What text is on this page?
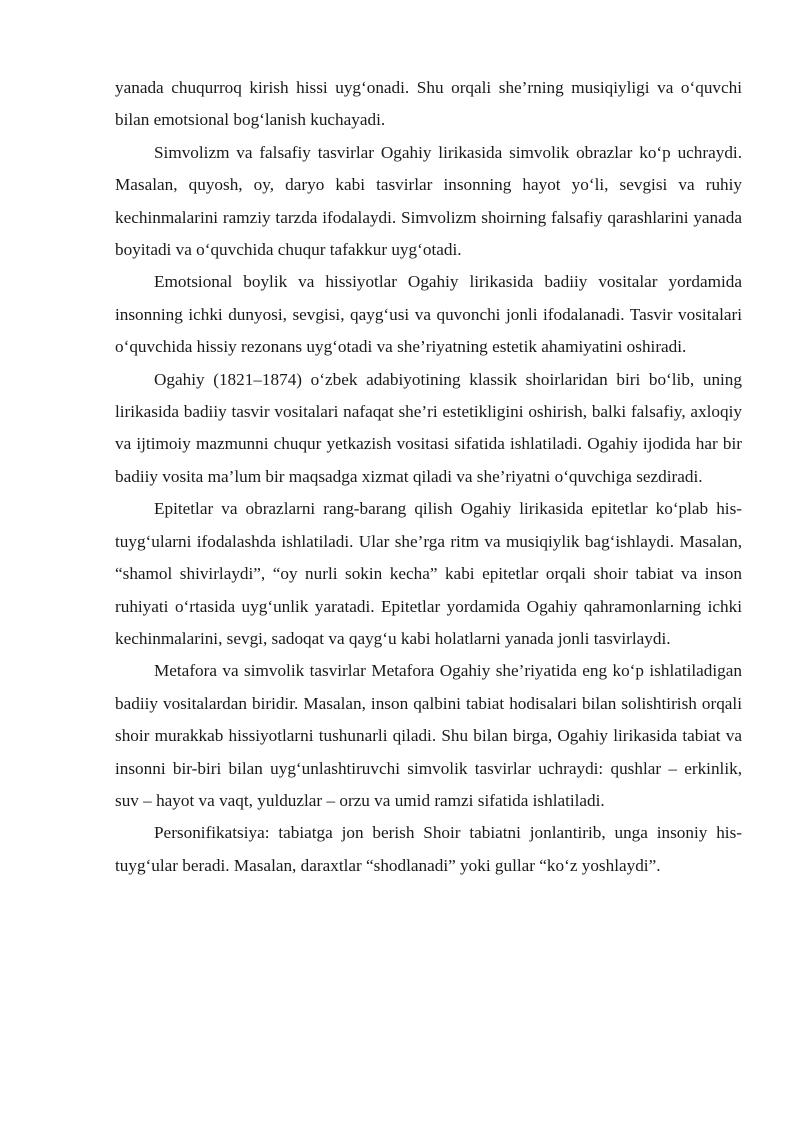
yanada chuqurroq kirish hissi uyg‘onadi. Shu orqali she’rning musiqiyligi va o‘quvchi bilan emotsional bog‘lanish kuchayadi.

Simvolizm va falsafiy tasvirlar Ogahiy lirikasida simvolik obrazlar ko‘p uchraydi. Masalan, quyosh, oy, daryo kabi tasvirlar insonning hayot yo‘li, sevgisi va ruhiy kechinmalarini ramziy tarzda ifodalaydi. Simvolizm shoirning falsafiy qarashlarini yanada boyitadi va o‘quvchida chuqur tafakkur uyg‘otadi.

Emotsional boylik va hissiyotlar Ogahiy lirikasida badiiy vositalar yordamida insonning ichki dunyosi, sevgisi, qayg‘usi va quvonchi jonli ifodalanadi. Tasvir vositalari o‘quvchida hissiy rezonans uyg‘otadi va she’riyatning estetik ahamiyatini oshiradi.

Ogahiy (1821–1874) o‘zbek adabiyotining klassik shoirlaridan biri bo‘lib, uning lirikasida badiiy tasvir vositalari nafaqat she’ri estetikligini oshirish, balki falsafiy, axloqiy va ijtimoiy mazmunni chuqur yetkazish vositasi sifatida ishlatiladi. Ogahiy ijodida har bir badiiy vosita ma’lum bir maqsadga xizmat qiladi va she’riyatni o‘quvchiga sezdiradi.

Epitetlar va obrazlarni rang-barang qilish Ogahiy lirikasida epitetlar ko‘plab his-tuyg‘ularni ifodalashda ishlatiladi. Ular she’rga ritm va musiqiylik bag‘ishlaydi. Masalan, “shamol shivirlaydi”, “oy nurli sokin kecha” kabi epitetlar orqali shoir tabiat va inson ruhiyati o‘rtasida uyg‘unlik yaratadi. Epitetlar yordamida Ogahiy qahramonlarning ichki kechinmalarini, sevgi, sadoqat va qayg‘u kabi holatlarni yanada jonli tasvirlaydi.

Metafora va simvolik tasvirlar Metafora Ogahiy she’riyatida eng ko‘p ishlatiladigan badiiy vositalardan biridir. Masalan, inson qalbini tabiat hodisalari bilan solishtirish orqali shoir murakkab hissiyotlarni tushunarli qiladi. Shu bilan birga, Ogahiy lirikasida tabiat va insonni bir-biri bilan uyg‘unlashtiruvchi simvolik tasvirlar uchraydi: qushlar – erkinlik, suv – hayot va vaqt, yulduzlar – orzu va umid ramzi sifatida ishlatiladi.

Personifikatsiya: tabiatga jon berish Shoir tabiatni jonlantirib, unga insoniy his-tuyg‘ular beradi. Masalan, daraxtlar “shodlanadi” yoki gullar “ko‘z yoshlaydi”.
